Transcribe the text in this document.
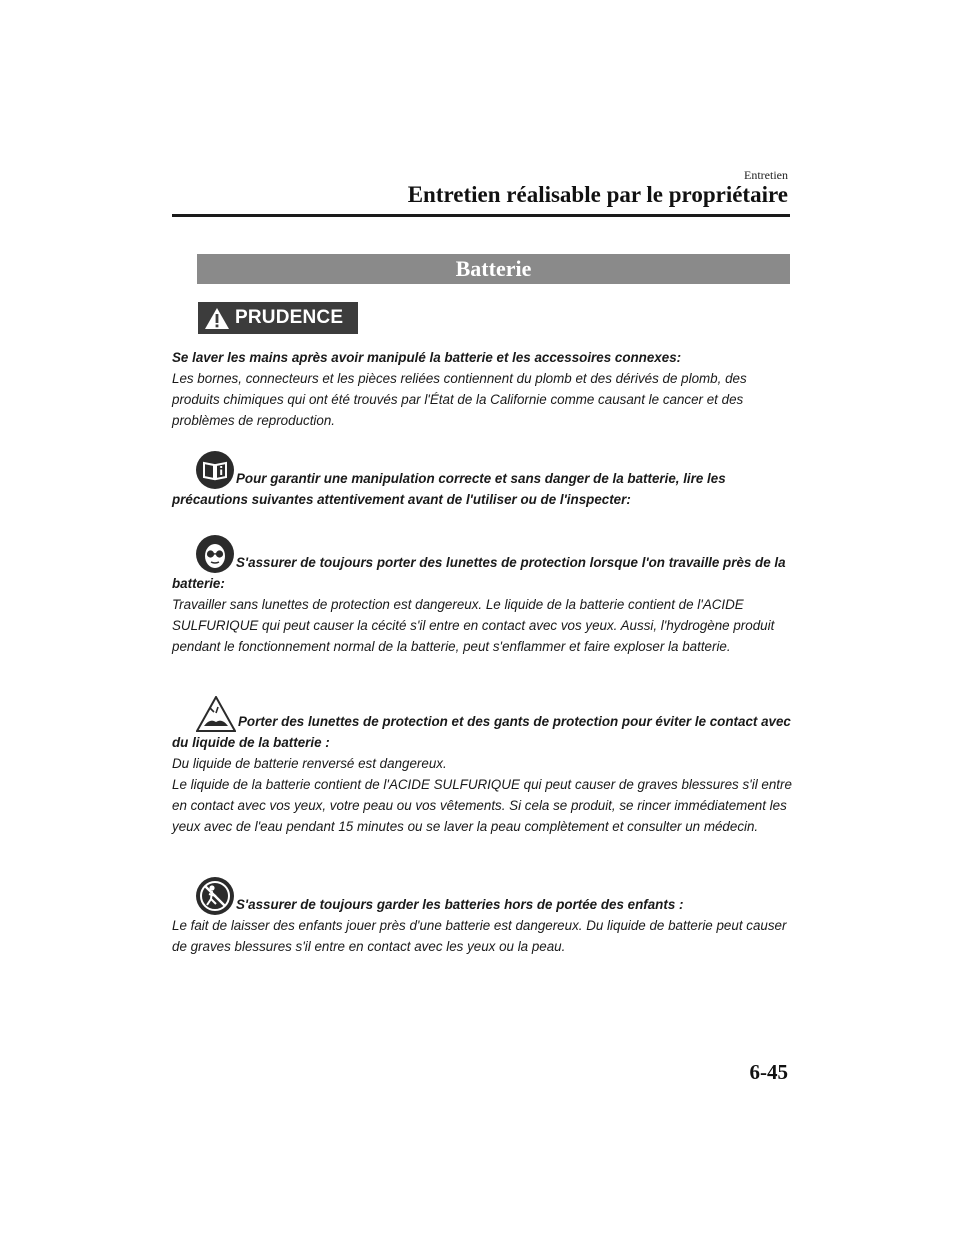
Entretien
Entretien réalisable par le propriétaire
Batterie
PRUDENCE

Se laver les mains après avoir manipulé la batterie et les accessoires connexes:

Les bornes, connecteurs et les pièces reliées contiennent du plomb et des dérivés de plomb, des produits chimiques qui ont été trouvés par l'État de la Californie comme causant le cancer et des problèmes de reproduction.

Pour garantir une manipulation correcte et sans danger de la batterie, lire les précautions suivantes attentivement avant de l'utiliser ou de l'inspecter:

S'assurer de toujours porter des lunettes de protection lorsque l'on travaille près de la batterie:

Travailler sans lunettes de protection est dangereux. Le liquide de la batterie contient de l'ACIDE SULFURIQUE qui peut causer la cécité s'il entre en contact avec vos yeux. Aussi, l'hydrogène produit pendant le fonctionnement normal de la batterie, peut s'enflammer et faire exploser la batterie.

Porter des lunettes de protection et des gants de protection pour éviter le contact avec du liquide de la batterie :

Du liquide de batterie renversé est dangereux.
Le liquide de la batterie contient de l'ACIDE SULFURIQUE qui peut causer de graves blessures s'il entre en contact avec vos yeux, votre peau ou vos vêtements. Si cela se produit, se rincer immédiatement les yeux avec de l'eau pendant 15 minutes ou se laver la peau complètement et consulter un médecin.

S'assurer de toujours garder les batteries hors de portée des enfants :

Le fait de laisser des enfants jouer près d'une batterie est dangereux. Du liquide de batterie peut causer de graves blessures s'il entre en contact avec les yeux ou la peau.

6-45
